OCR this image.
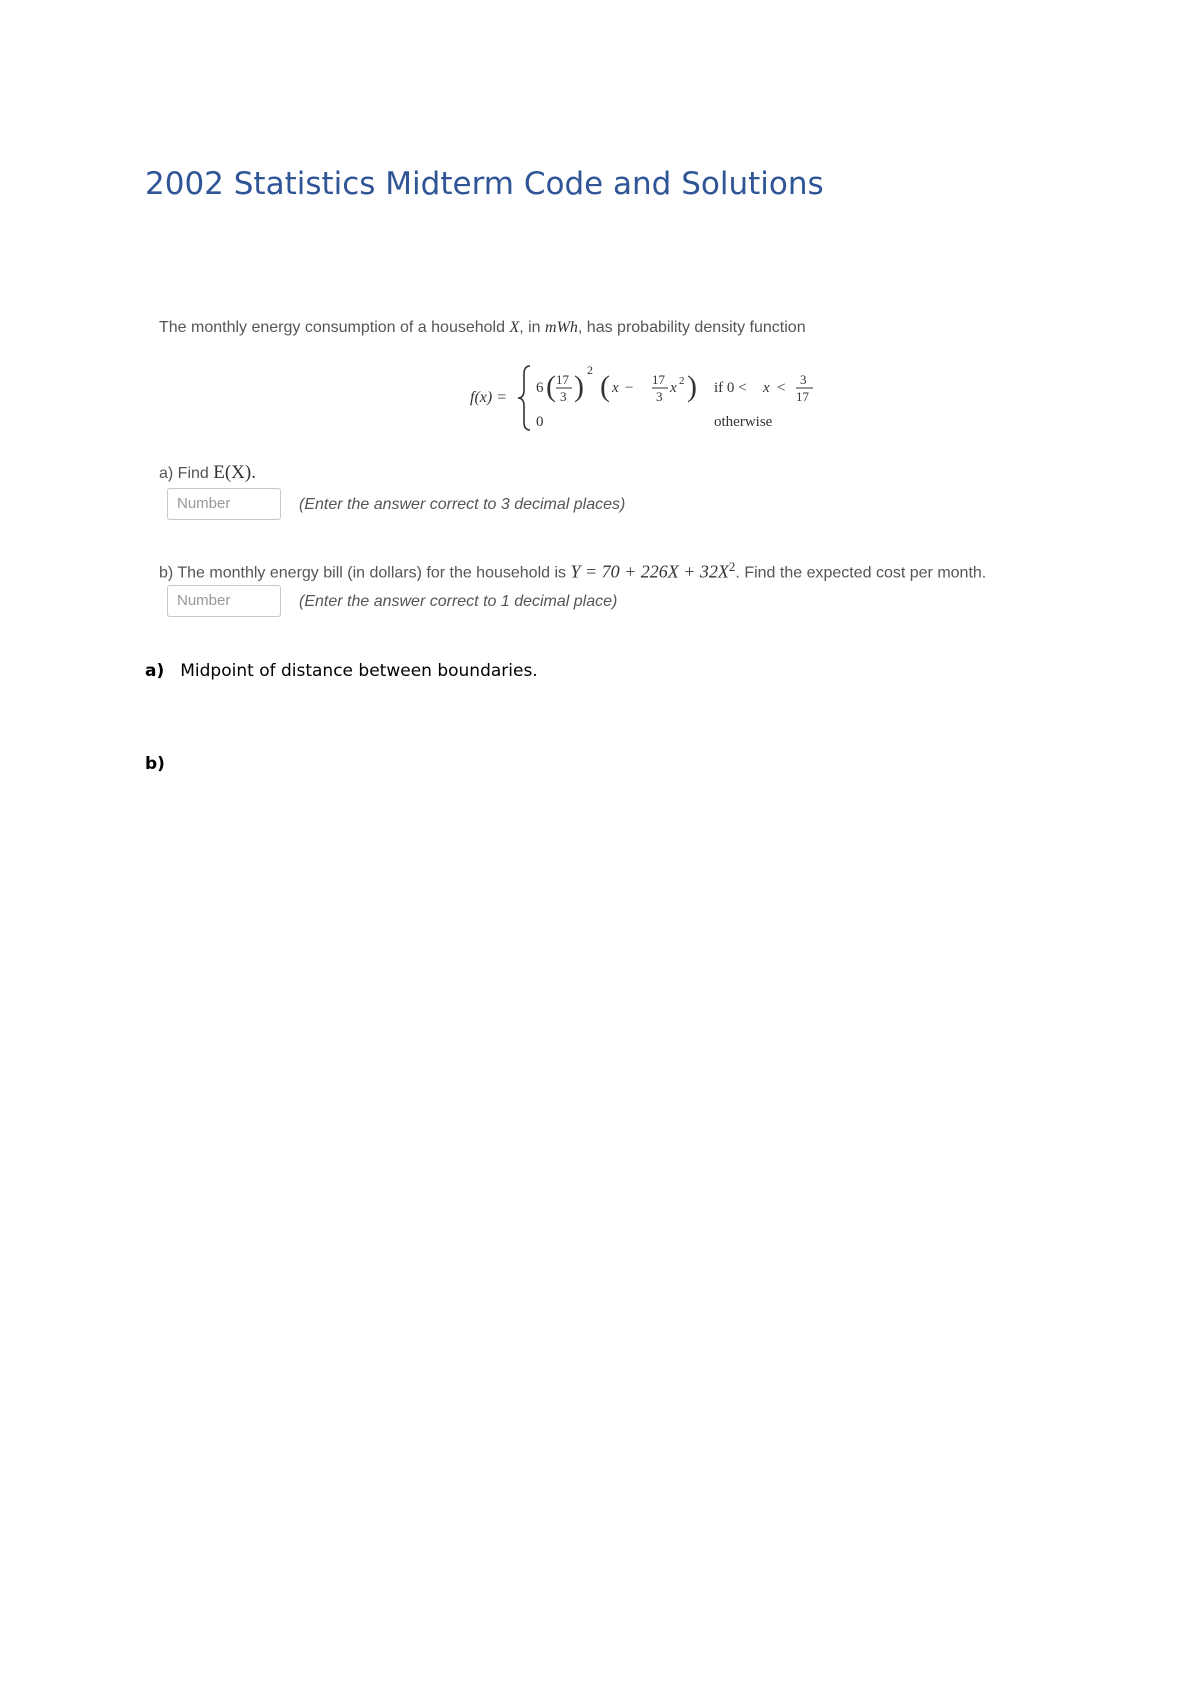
2002 Statistics Midterm Code and Solutions
The monthly energy consumption of a household X, in mWh, has probability density function
f(x) =
6 ( 17
3 ) 2 ( x −
17
3
x 2 ) if 0 < x <
3
17
0	otherwise
a) Find E(X).
Number	(Enter the answer correct to 3 decimal places)
b) The monthly energy bill (in dollars) for the household is $Y = 70 + 226X + 32X^2$. Find the expected cost per month.
Number	(Enter the answer correct to 1 decimal place)
a) Midpoint of distance between boundaries.
b)
